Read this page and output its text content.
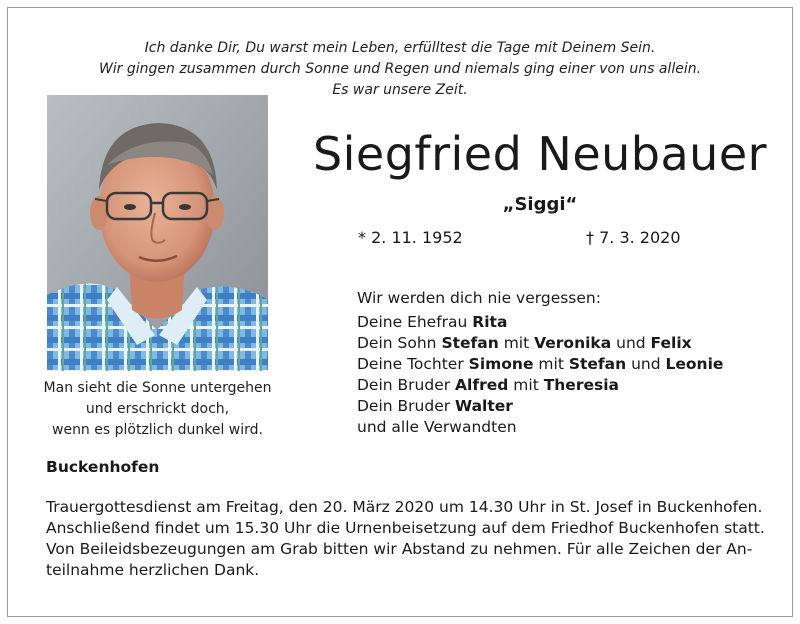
Ich danke Dir, Du warst mein Leben, erfülltest die Tage mit Deinem Sein.
Wir gingen zusammen durch Sonne und Regen und niemals ging einer von uns allein.
Es war unsere Zeit.
Man sieht die Sonne untergehen
und erschrickt doch,
wenn es plötzlich dunkel wird.
Siegfried Neubauer
„Siggi“
* 2. 11. 1952	† 7. 3. 2020
Wir werden dich nie vergessen:
Deine Ehefrau Rita
Dein Sohn Stefan mit Veronika und Felix
Deine Tochter Simone mit Stefan und Leonie
Dein Bruder Alfred mit Theresia
Dein Bruder Walter
und alle Verwandten
Buckenhofen
Trauergottesdienst am Freitag, den 20. März 2020 um 14.30 Uhr in St. Josef in Buckenhofen.
Anschließend findet um 15.30 Uhr die Urnenbeisetzung auf dem Friedhof Buckenhofen statt.
Von Beileidsbezeugungen am Grab bitten wir Abstand zu nehmen. Für alle Zeichen der An-
teilnahme herzlichen Dank.
